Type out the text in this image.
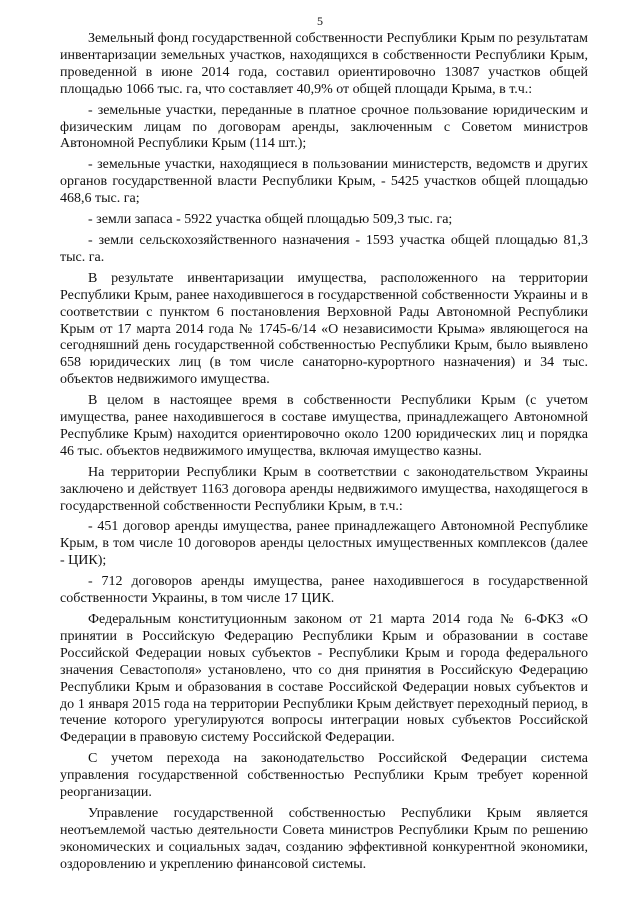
5

Земельный фонд государственной собственности Республики Крым по результатам инвентаризации земельных участков, находящихся в собственности Республики Крым, проведенной в июне 2014 года, составил ориентировочно 13087 участков общей площадью 1066 тыс. га, что составляет 40,9% от общей площади Крыма, в т.ч.:

- земельные участки, переданные в платное срочное пользование юридическим и физическим лицам по договорам аренды, заключенным с Советом министров Автономной Республики Крым (114 шт.);

- земельные участки, находящиеся в пользовании министерств, ведомств и других органов государственной власти Республики Крым, - 5425 участков общей площадью 468,6 тыс. га;

- земли запаса - 5922 участка общей площадью 509,3 тыс. га;

- земли сельскохозяйственного назначения - 1593 участка общей площадью 81,3 тыс. га.

В результате инвентаризации имущества, расположенного на территории Республики Крым, ранее находившегося в государственной собственности Украины и в соответствии с пунктом 6 постановления Верховной Рады Автономной Республики Крым от 17 марта 2014 года № 1745-6/14 «О независимости Крыма» являющегося на сегодняшний день государственной собственностью Республики Крым, было выявлено 658 юридических лиц (в том числе санаторно-курортного назначения) и 34 тыс. объектов недвижимого имущества.

В целом в настоящее время в собственности Республики Крым (с учетом имущества, ранее находившегося в составе имущества, принадлежащего Автономной Республике Крым) находится ориентировочно около 1200 юридических лиц и порядка 46 тыс. объектов недвижимого имущества, включая имущество казны.

На территории Республики Крым в соответствии с законодательством Украины заключено и действует 1163 договора аренды недвижимого имущества, находящегося в государственной собственности Республики Крым, в т.ч.:

- 451 договор аренды имущества, ранее принадлежащего Автономной Республике Крым, в том числе 10 договоров аренды целостных имущественных комплексов (далее - ЦИК);

- 712 договоров аренды имущества, ранее находившегося в государственной собственности Украины, в том числе 17 ЦИК.

Федеральным конституционным законом от 21 марта 2014 года № 6-ФКЗ «О принятии в Российскую Федерацию Республики Крым и образовании в составе Российской Федерации новых субъектов - Республики Крым и города федерального значения Севастополя» установлено, что со дня принятия в Российскую Федерацию Республики Крым и образования в составе Российской Федерации новых субъектов и до 1 января 2015 года на территории Республики Крым действует переходный период, в течение которого урегулируются вопросы интеграции новых субъектов Российской Федерации в правовую систему Российской Федерации.

С учетом перехода на законодательство Российской Федерации система управления государственной собственностью Республики Крым требует коренной реорганизации.

Управление государственной собственностью Республики Крым является неотъемлемой частью деятельности Совета министров Республики Крым по решению экономических и социальных задач, созданию эффективной конкурентной экономики, оздоровлению и укреплению финансовой системы.
